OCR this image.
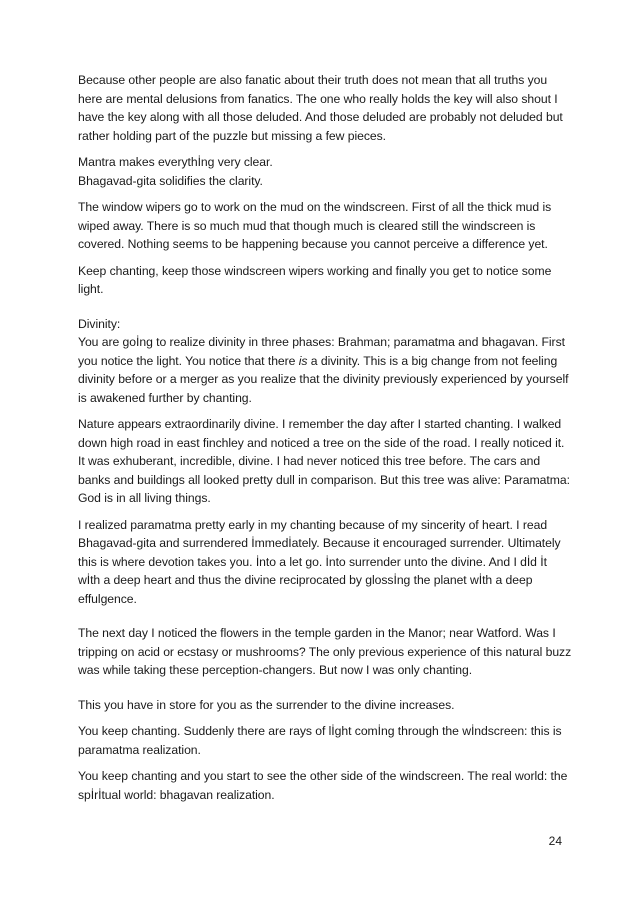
Because other people are also fanatic about their truth does not mean that all truths you
here are mental delusions from fanatics. The one who really holds the key will also shout I
have the key along with all those deluded. And those deluded are probably not deluded but
rather holding part of the puzzle but missing a few pieces.

Mantra makes everythİng very clear.
Bhagavad-gita solidifies the clarity.

The window wipers go to work on the mud on the windscreen. First of all the thick mud is
wiped away. There is so much mud that though much is cleared still the windscreen is
covered. Nothing seems to be happening because you cannot perceive a difference yet.

Keep chanting, keep those windscreen wipers working and finally you get to notice some
light.

Divinity:
You are goİng to realize divinity in three phases: Brahman; paramatma and bhagavan. First
you notice the light. You notice that there is a divinity. This is a big change from not feeling
divinity before or a merger as you realize that the divinity previously experienced by yourself
is awakened further by chanting.

Nature appears extraordinarily divine. I remember the day after I started chanting. I walked
down high road in east finchley and noticed a tree on the side of the road. I really noticed it.
It was exhuberant, incredible, divine. I had never noticed this tree before. The cars and
banks and buildings all looked pretty dull in comparison. But this tree was alive: Paramatma:
God is in all living things.

I realized paramatma pretty early in my chanting because of my sincerity of heart. I read
Bhagavad-gita and surrendered İmmedİately. Because it encouraged surrender. Ultimately
this is where devotion takes you. İnto a let go. İnto surrender unto the divine. And I dİd İt
wİth a deep heart and thus the divine reciprocated by glossİng the planet wİth a deep
effulgence.

The next day I noticed the flowers in the temple garden in the Manor; near Watford. Was I
tripping on acid or ecstasy or mushrooms? The only previous experience of this natural buzz
was while taking these perception-changers. But now I was only chanting.

This you have in store for you as the surrender to the divine increases.

You keep chanting. Suddenly there are rays of lİght comİng through the wİndscreen: this is
paramatma realization.

You keep chanting and you start to see the other side of the windscreen. The real world: the
spİrİtual world: bhagavan realization.

24
